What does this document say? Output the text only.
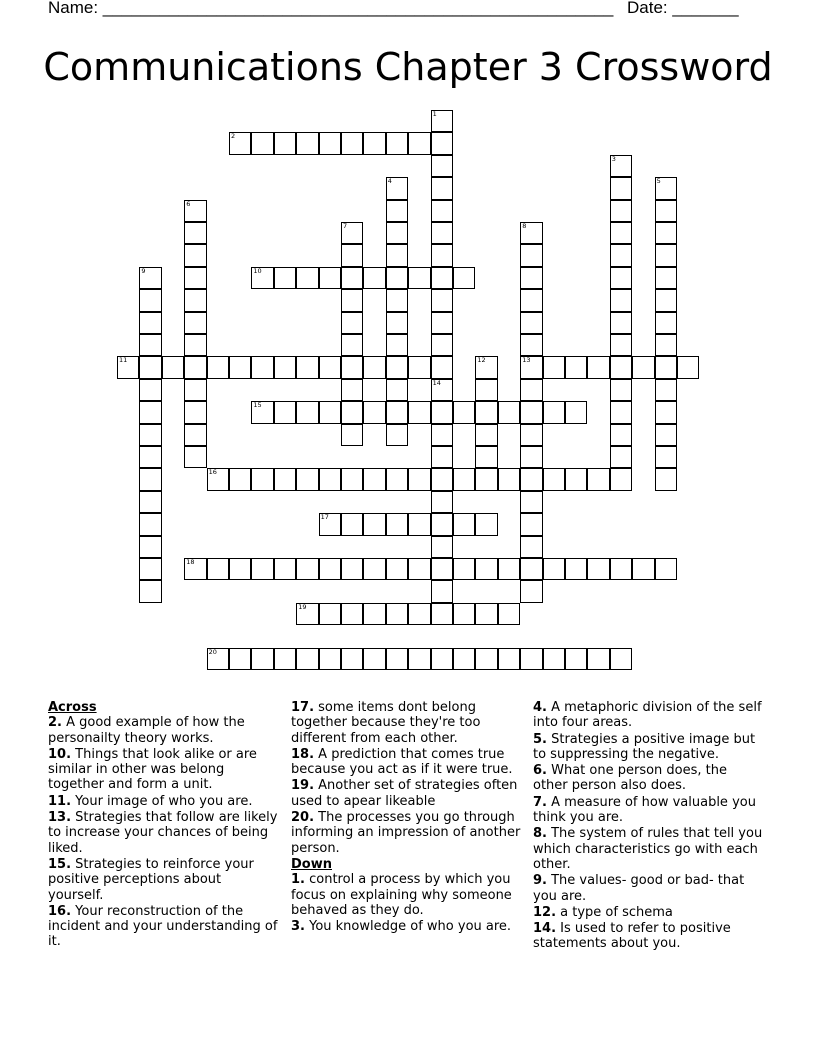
Name: ______________________________________________________ Date: _______
Communications Chapter 3 Crossword
1
2
3
4	5
6
7	8
13
9	10
11	12
14
15
16
17
18
19
20

Across

2. A good example of how the personailty theory works.

10. Things that look alike or are similar in other was belong together and form a unit.

11. Your image of who you are.

13. Strategies that follow are likely to increase your chances of being liked.

15. Strategies to reinforce your positive perceptions about yourself.

16. Your reconstruction of the incident and your understanding of it.

17. some items dont belong together because they're too different from each other.

18. A prediction that comes true because you act as if it were true.

19. Another set of strategies often used to apear likeable

20. The processes you go through informing an impression of another person.

Down

1. control a process by which you focus on explaining why someone behaved as they do.

3. You knowledge of who you are.

4. A metaphoric division of the self into four areas.

5. Strategies a positive image but to suppressing the negative.

6. What one person does, the other person also does.

7. A measure of how valuable you think you are.

8. The system of rules that tell you which characteristics go with each other.

9. The values- good or bad- that you are.

12. a type of schema

14. Is used to refer to positive statements about you.
